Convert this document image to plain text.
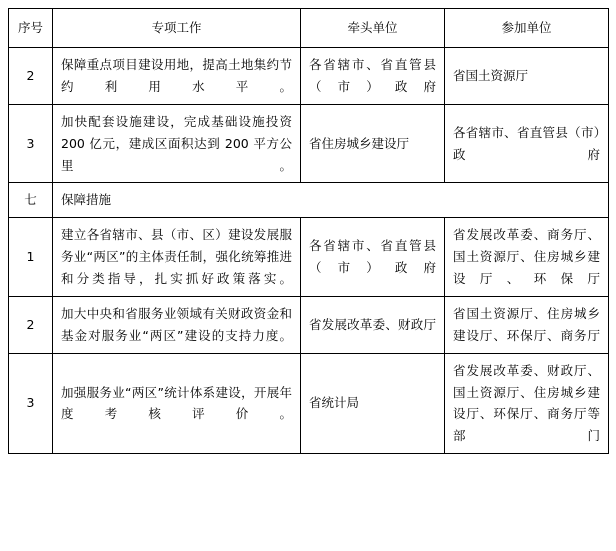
序号	专项工作	牵头单位	参加单位
2	保障重点项目建设用地，提高土地集约节约利用水平。	各省辖市、省直管县（市）政府	省国土资源厅
3	加快配套设施建设，完成基础设施投资 200 亿元，建成区面积达到 200 平方公里。	省住房城乡建设厅	各省辖市、省直管县（市）政府
七	保障措施		
1	建立各省辖市、县（市、区）建设发展服务业“两区”的主体责任制，强化统筹推进和分类指导，扎实抓好政策落实。	各省辖市、省直管县（市）政府	省发展改革委、商务厅、国土资源厅、住房城乡建设厅、环保厅
2	加大中央和省服务业领域有关财政资金和基金对服务业“两区”建设的支持力度。	省发展改革委、财政厅	省国土资源厅、住房城乡建设厅、环保厅、商务厅
3	加强服务业“两区”统计体系建设，开展年度考核评价。	省统计局	省发展改革委、财政厅、国土资源厅、住房城乡建设厅、环保厅、商务厅等部门
